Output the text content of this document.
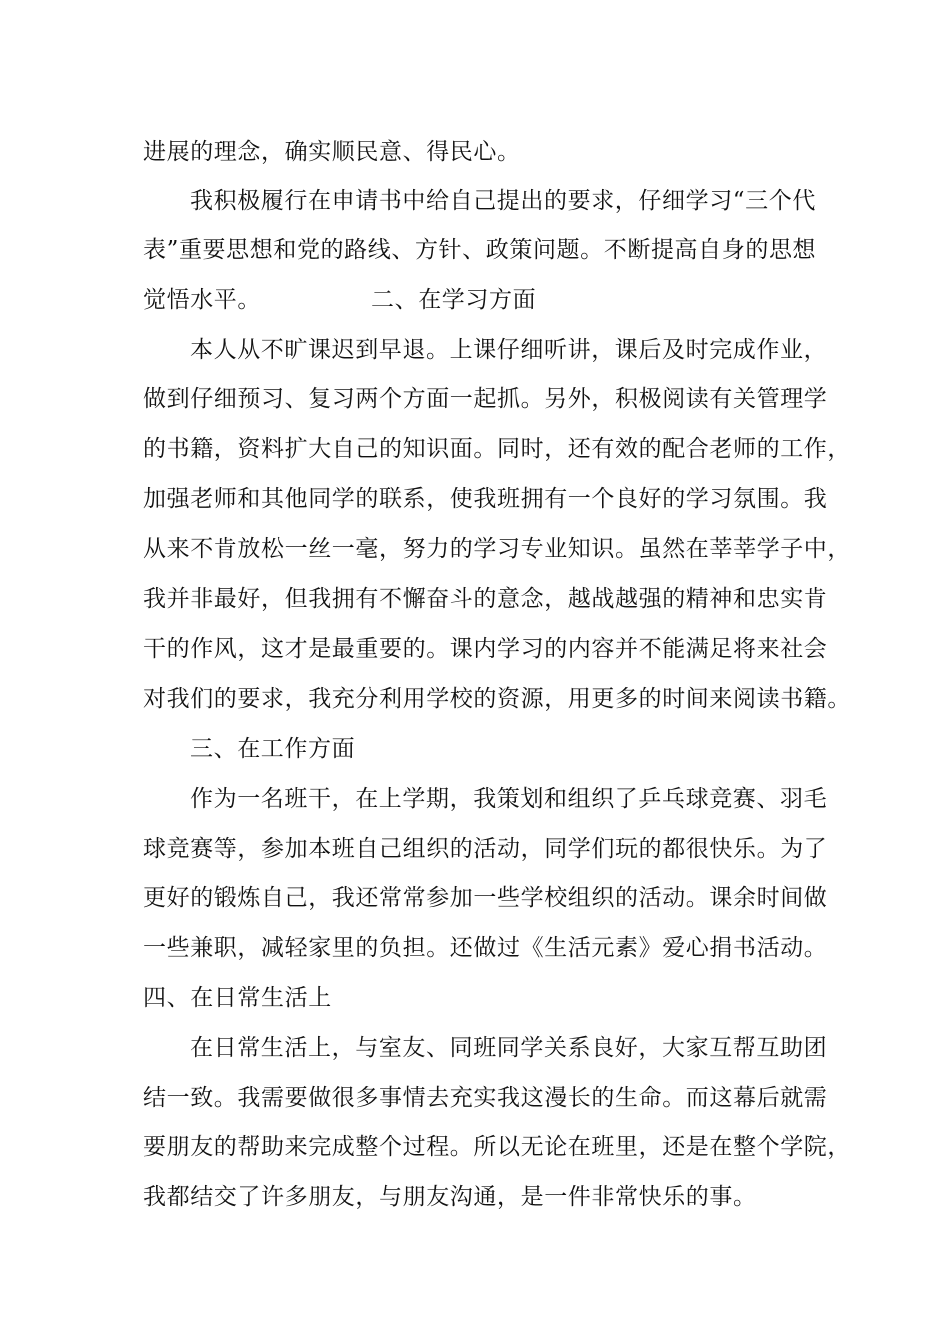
进展的理念，确实顺民意、得民心。

我积极履行在申请书中给自己提出的要求，仔细学习“三个代

表”重要思想和党的路线、方针、政策问题。不断提高自身的思想

觉悟水平。	二、在学习方面

本人从不旷课迟到早退。上课仔细听讲，课后及时完成作业，

做到仔细预习、复习两个方面一起抓。另外，积极阅读有关管理学

的书籍，资料扩大自己的知识面。同时，还有效的配合老师的工作，

加强老师和其他同学的联系，使我班拥有一个良好的学习氛围。我

从来不肯放松一丝一毫，努力的学习专业知识。虽然在莘莘学子中，

我并非最好，但我拥有不懈奋斗的意念，越战越强的精神和忠实肯

干的作风，这才是最重要的。课内学习的内容并不能满足将来社会

对我们的要求，我充分利用学校的资源，用更多的时间来阅读书籍。

三、在工作方面

作为一名班干，在上学期，我策划和组织了乒乓球竞赛、羽毛

球竞赛等，参加本班自己组织的活动，同学们玩的都很快乐。为了

更好的锻炼自己，我还常常参加一些学校组织的活动。课余时间做

一些兼职，减轻家里的负担。还做过《生活元素》爱心捐书活动。

四、在日常生活上

在日常生活上，与室友、同班同学关系良好，大家互帮互助团

结一致。我需要做很多事情去充实我这漫长的生命。而这幕后就需

要朋友的帮助来完成整个过程。所以无论在班里，还是在整个学院，

我都结交了许多朋友，与朋友沟通，是一件非常快乐的事。
